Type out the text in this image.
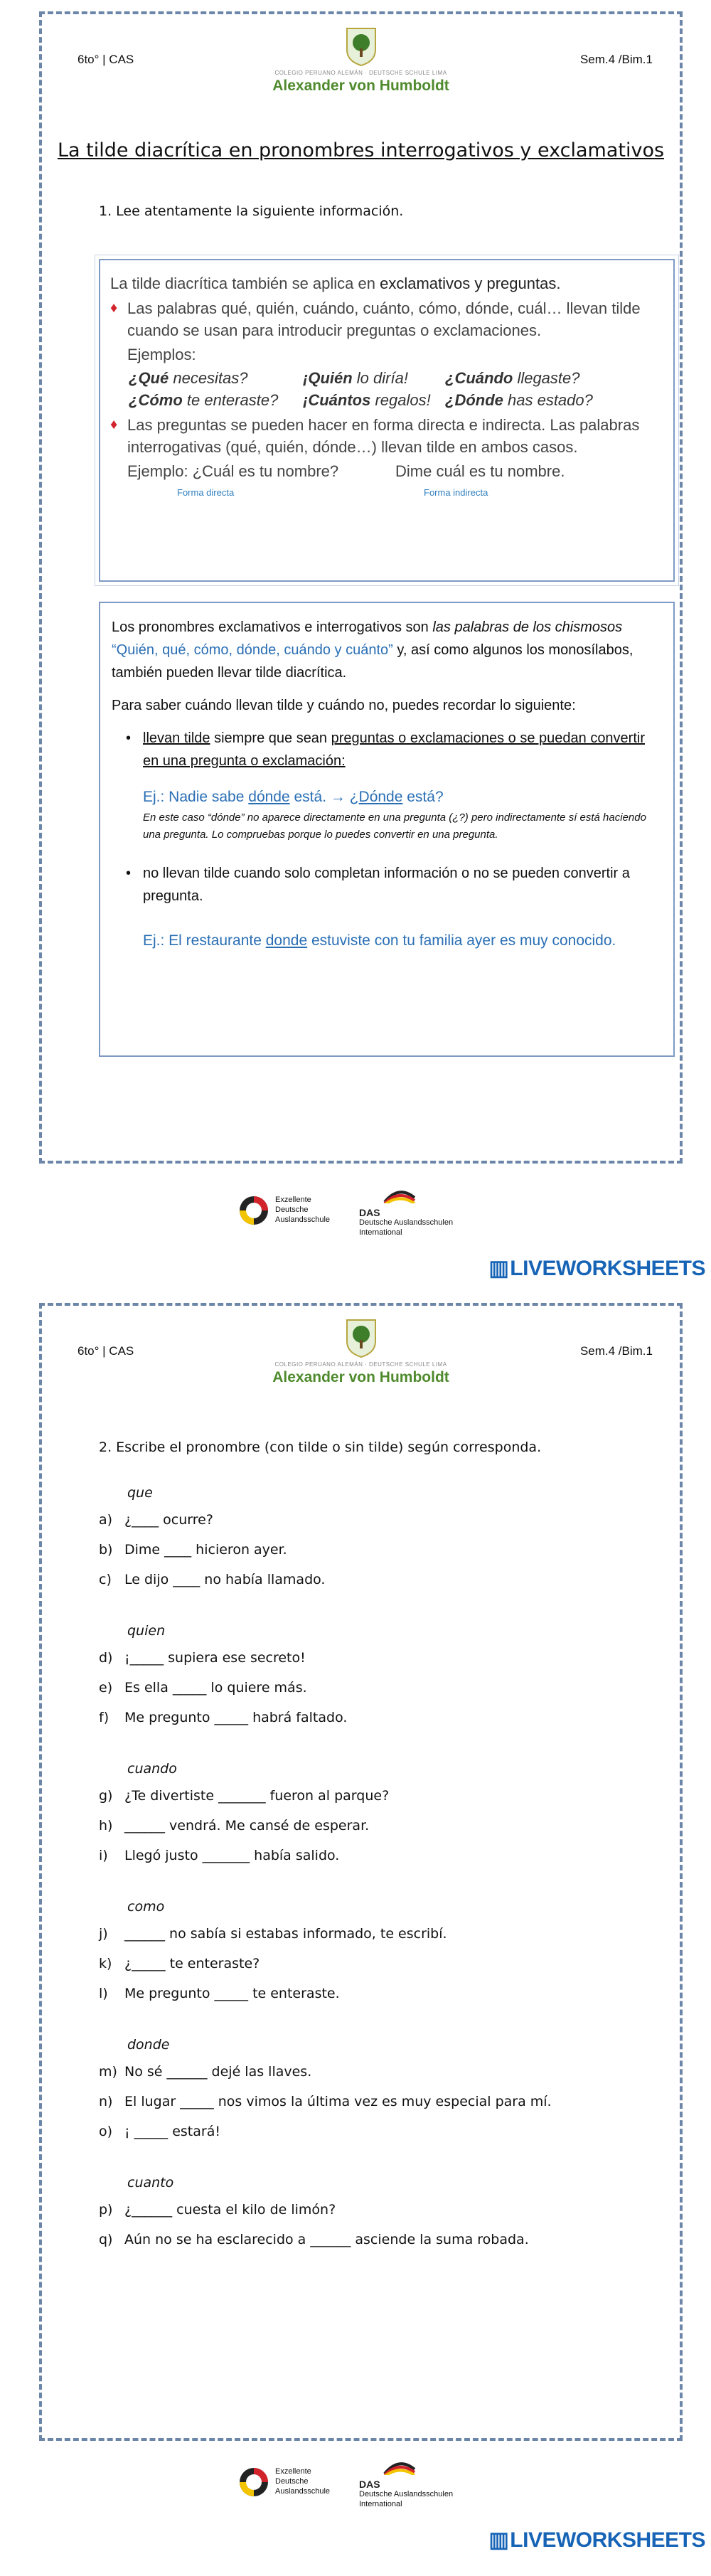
6to° | CAS
COLEGIO PERUANO ALEMÁN · DEUTSCHE SCHULE LIMA
Alexander von Humboldt
Sem.4 /Bim.1
La tilde diacrítica en pronombres interrogativos y exclamativos
1. Lee atentamente la siguiente información.
La tilde diacrítica también se aplica en exclamativos y preguntas.
♦ Las palabras qué, quién, cuándo, cuánto, cómo, dónde, cuál… llevan tilde cuando se usan para introducir preguntas o exclamaciones.
Ejemplos:
¿Qué necesitas?	¡Quién lo diría!	¿Cuándo llegaste?
¿Cómo te enteraste?	¡Cuántos regalos! ¿Dónde has estado?
♦ Las preguntas se pueden hacer en forma directa e indirecta. Las palabras interrogativas (qué, quién, dónde…) llevan tilde en ambos casos.
Ejemplo: ¿Cuál es tu nombre?	Dime cuál es tu nombre.
Forma directa	Forma indirecta

Los pronombres exclamativos e interrogativos son las palabras de los chismosos “Quién, qué, cómo, dónde, cuándo y cuánto” y, así como algunos los monosílabos, también pueden llevar tilde diacrítica.

Para saber cuándo llevan tilde y cuándo no, puedes recordar lo siguiente:

• llevan tilde siempre que sean preguntas o exclamaciones o se puedan convertir en una pregunta o exclamación:
Ej.: Nadie sabe dónde está. → ¿Dónde está?
En este caso “dónde” no aparece directamente en una pregunta (¿?) pero indirectamente sí está haciendo una pregunta. Lo compruebas porque lo puedes convertir en una pregunta.
• no llevan tilde cuando solo completan información o no se pueden convertir a pregunta.
Ej.: El restaurante donde estuviste con tu familia ayer es muy conocido.
Exzellente
Deutsche
Auslandsschule
DAS
Deutsche Auslandsschulen
International
▥ LIVEWORKSHEETS
6to° | CAS
COLEGIO PERUANO ALEMÁN · DEUTSCHE SCHULE LIMA
Alexander von Humboldt
Sem.4 /Bim.1
2. Escribe el pronombre (con tilde o sin tilde) según corresponda.
que
a) ¿____ ocurre?
b) Dime ____ hicieron ayer.
c) Le dijo ____ no había llamado.
quien
d) ¡_____ supiera ese secreto!
e) Es ella _____ lo quiere más.
f)	Me pregunto _____ habrá faltado.
cuando
g) ¿Te divertiste _______ fueron al parque?
h) ______ vendrá. Me cansé de esperar.
i)	Llegó justo _______ había salido.
como
j)	______ no sabía si estabas informado, te escribí.
k) ¿_____ te enteraste?
l)	Me pregunto _____ te enteraste.
donde
m) No sé ______ dejé las llaves.
n) El lugar _____ nos vimos la última vez es muy especial para mí.
o) ¡ _____ estará!
cuanto
p) ¿______ cuesta el kilo de limón?
q) Aún no se ha esclarecido a ______ asciende la suma robada.
Exzellente
Deutsche
Auslandsschule
DAS
Deutsche Auslandsschulen
International
▥ LIVEWORKSHEETS
